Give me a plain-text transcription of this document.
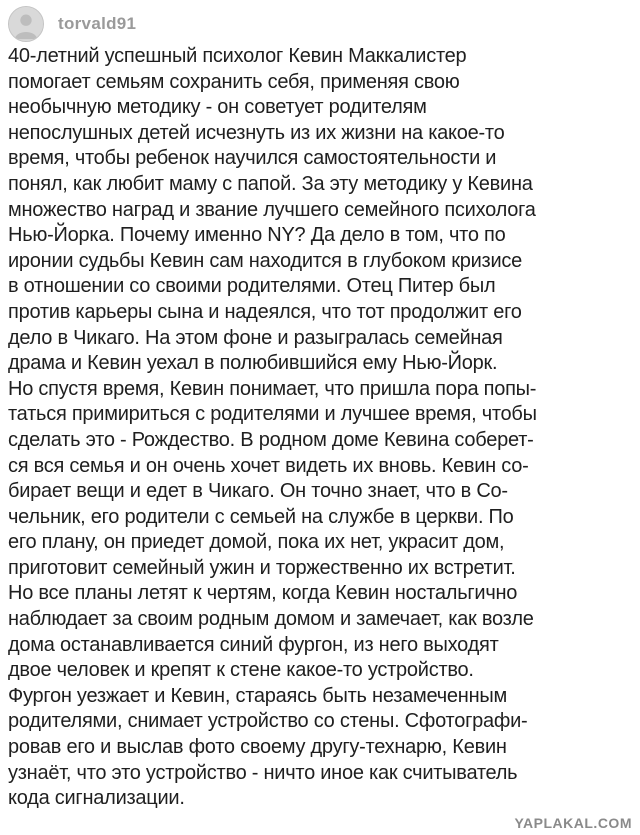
torvald91
40-летний успешный психолог Кевин Маккалистер
помогает семьям сохранить себя, применяя свою
необычную методику - он советует родителям
непослушных детей исчезнуть из их жизни на какое-то
время, чтобы ребенок научился самостоятельности и
понял, как любит маму с папой. За эту методику у Кевина
множество наград и звание лучшего семейного психолога
Нью-Йорка. Почему именно NY? Да дело в том, что по
иронии судьбы Кевин сам находится в глубоком кризисе
в отношении со своими родителями. Отец Питер был
против карьеры сына и надеялся, что тот продолжит его
дело в Чикаго. На этом фоне и разыгралась семейная
драма и Кевин уехал в полюбившийся ему Нью-Йорк.
Но спустя время, Кевин понимает, что пришла пора попы-
таться примириться с родителями и лучшее время, чтобы
сделать это - Рождество. В родном доме Кевина соберет-
ся вся семья и он очень хочет видеть их вновь. Кевин со-
бирает вещи и едет в Чикаго. Он точно знает, что в Со-
чельник, его родители с семьей на службе в церкви. По
его плану, он приедет домой, пока их нет, украсит дом,
приготовит семейный ужин и торжественно их встретит.
Но все планы летят к чертям, когда Кевин ностальгично
наблюдает за своим родным домом и замечает, как возле
дома останавливается синий фургон, из него выходят
двое человек и крепят к стене какое-то устройство.
Фургон уезжает и Кевин, стараясь быть незамеченным
родителями, снимает устройство со стены. Сфотографи-
ровав его и выслав фото своему другу-технарю, Кевин
узнаёт, что это устройство - ничто иное как считыватель
кода сигнализации.
YAPLAKAL.COM
